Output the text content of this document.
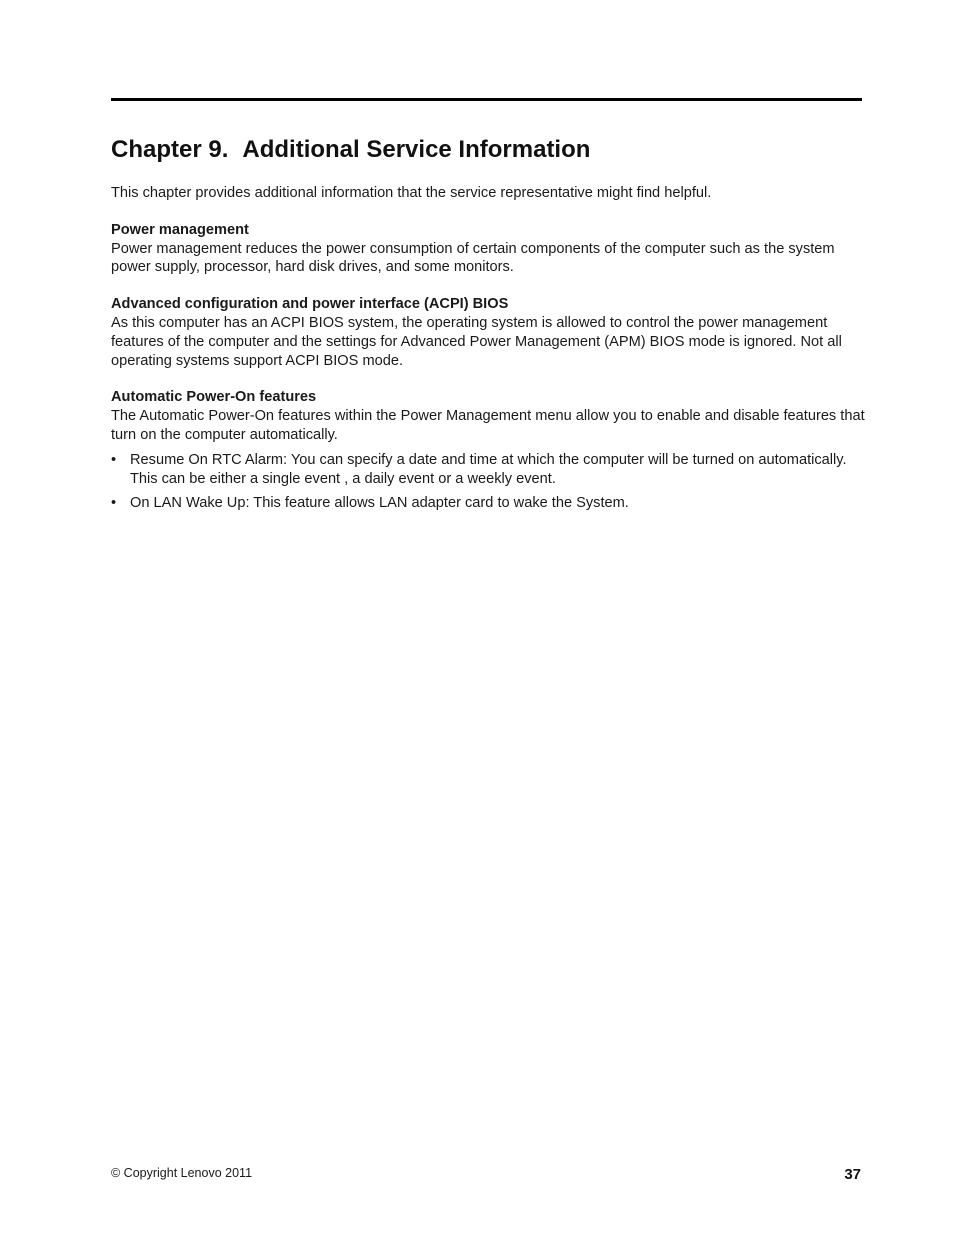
Chapter 9. Additional Service Information

This chapter provides additional information that the service representative might find helpful.

Power management

Power management reduces the power consumption of certain components of the computer such as the system power supply, processor, hard disk drives, and some monitors.

Advanced configuration and power interface (ACPI) BIOS

As this computer has an ACPI BIOS system, the operating system is allowed to control the power management features of the computer and the settings for Advanced Power Management (APM) BIOS mode is ignored. Not all operating systems support ACPI BIOS mode.

Automatic Power-On features

The Automatic Power-On features within the Power Management menu allow you to enable and disable features that turn on the computer automatically.

• Resume On RTC Alarm: You can specify a date and time at which the computer will be turned on automatically. This can be either a single event , a daily event or a weekly event.
• On LAN Wake Up: This feature allows LAN adapter card to wake the System.
© Copyright Lenovo 2011	37
